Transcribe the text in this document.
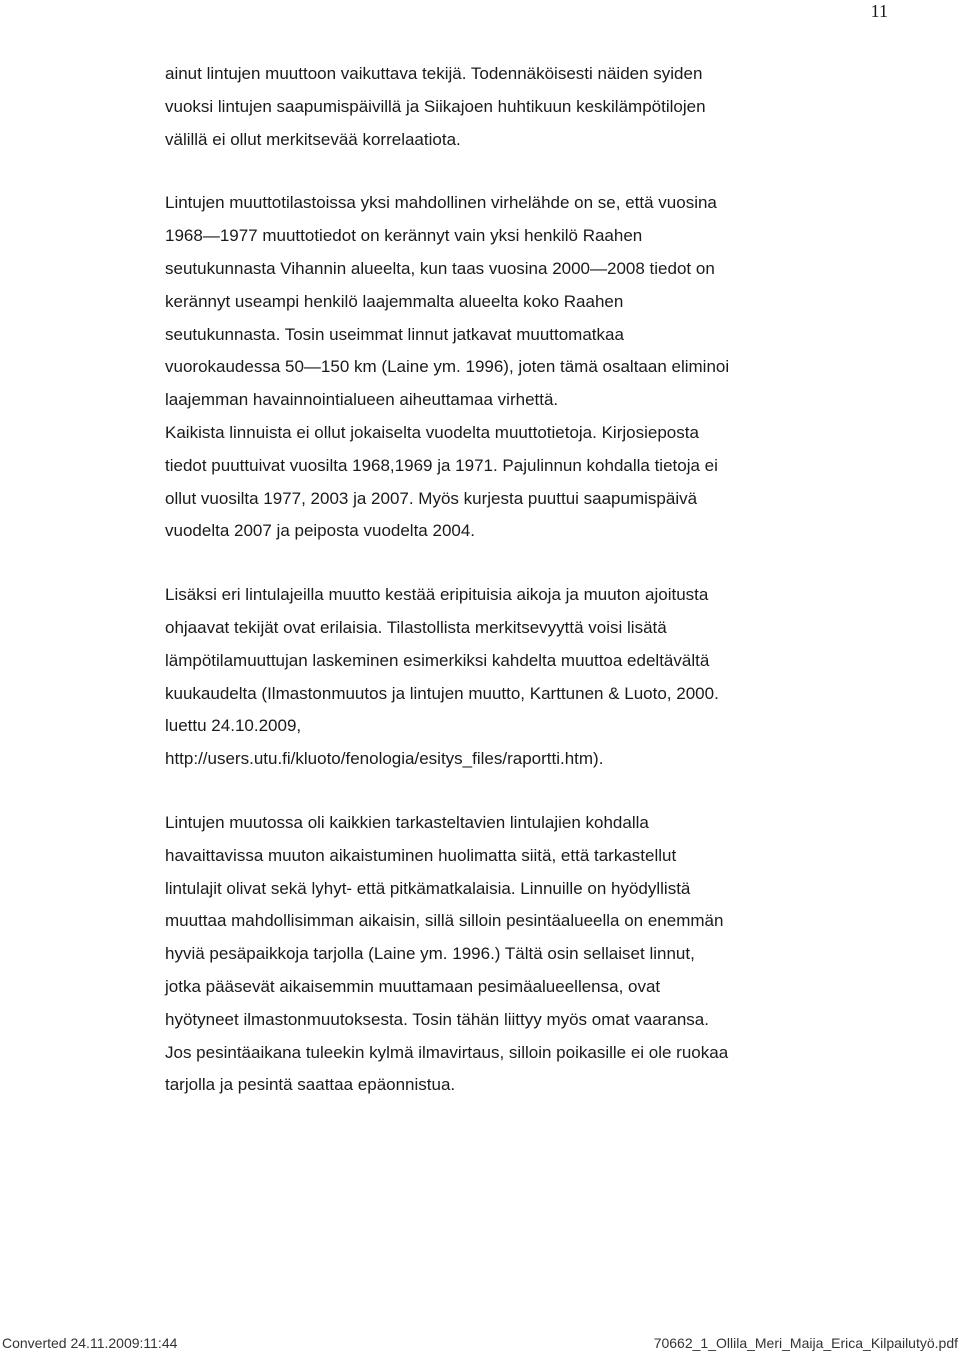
11
ainut lintujen muuttoon vaikuttava tekijä. Todennäköisesti näiden syiden
vuoksi lintujen saapumispäivillä ja Siikajoen huhtikuun keskilämpötilojen
välillä ei ollut merkitsevää korrelaatiota.
Lintujen muuttotilastoissa yksi mahdollinen virhelähde on se, että vuosina
1968—1977 muuttotiedot on kerännyt vain yksi henkilö Raahen
seutukunnasta Vihannin alueelta, kun taas vuosina 2000—2008 tiedot on
kerännyt useampi henkilö laajemmalta alueelta koko Raahen
seutukunnasta. Tosin useimmat linnut jatkavat muuttomatkaa
vuorokaudessa 50—150 km (Laine ym. 1996), joten tämä osaltaan eliminoi
laajemman havainnointialueen aiheuttamaa virhettä.
Kaikista linnuista ei ollut jokaiselta vuodelta muuttotietoja. Kirjosieposta
tiedot puuttuivat vuosilta 1968,1969 ja 1971. Pajulinnun kohdalla tietoja ei
ollut vuosilta 1977, 2003 ja 2007. Myös kurjesta puuttui saapumispäivä
vuodelta 2007 ja peiposta vuodelta 2004.
Lisäksi eri lintulajeilla muutto kestää eripituisia aikoja ja muuton ajoitusta
ohjaavat tekijät ovat erilaisia. Tilastollista merkitsevyyttä voisi lisätä
lämpötilamuuttujan laskeminen esimerkiksi kahdelta muuttoa edeltävältä
kuukaudelta (Ilmastonmuutos ja lintujen muutto, Karttunen & Luoto, 2000.
luettu 24.10.2009,
http://users.utu.fi/kluoto/fenologia/esitys_files/raportti.htm).
Lintujen muutossa oli kaikkien tarkasteltavien lintulajien kohdalla
havaittavissa muuton aikaistuminen huolimatta siitä, että tarkastellut
lintulajit olivat sekä lyhyt- että pitkämatkalaisia. Linnuille on hyödyllistä
muuttaa mahdollisimman aikaisin, sillä silloin pesintäalueella on enemmän
hyviä pesäpaikkoja tarjolla (Laine ym. 1996.) Tältä osin sellaiset linnut,
jotka pääsevät aikaisemmin muuttamaan pesimäalueellensa, ovat
hyötyneet ilmastonmuutoksesta. Tosin tähän liittyy myös omat vaaransa.
Jos pesintäaikana tuleekin kylmä ilmavirtaus, silloin poikasille ei ole ruokaa
tarjolla ja pesintä saattaa epäonnistua.
Converted 24.11.2009:11:44	70662_1_Ollila_Meri_Maija_Erica_Kilpailutyö.pdf
